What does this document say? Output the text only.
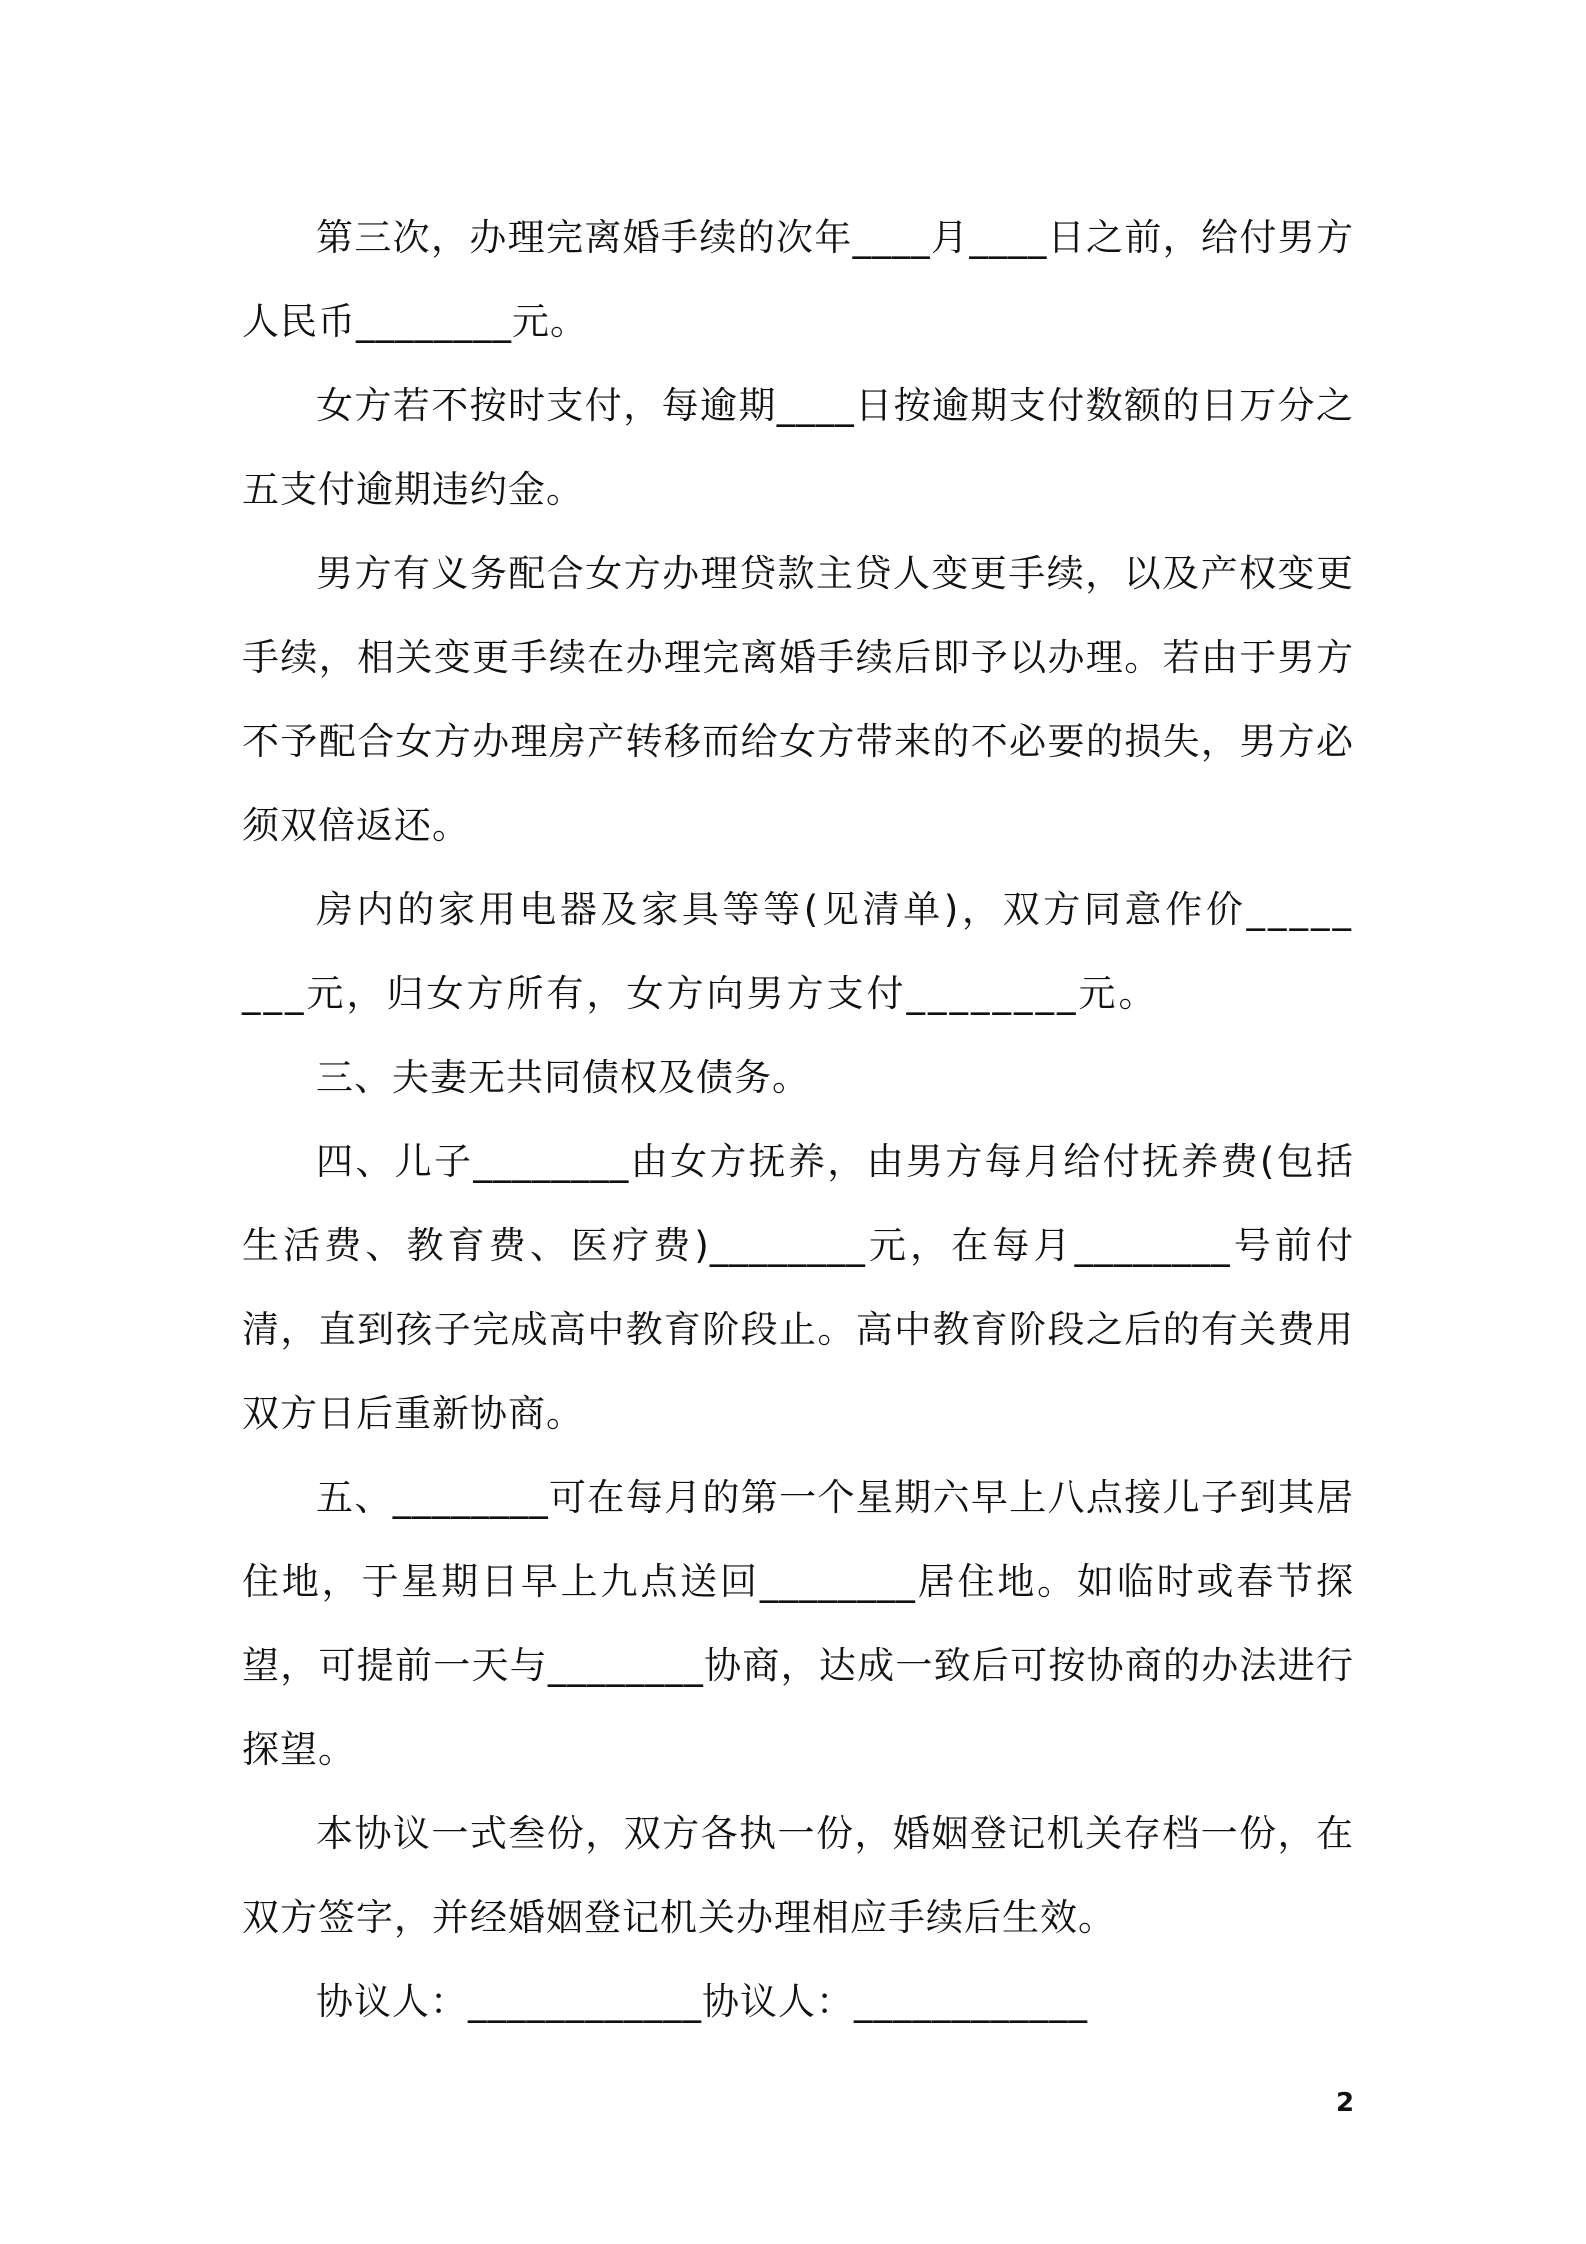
第三次，办理完离婚手续的次年____月____日之前，给付男方人民币________元。

女方若不按时支付，每逾期____日按逾期支付数额的日万分之五支付逾期违约金。

男方有义务配合女方办理贷款主贷人变更手续，以及产权变更手续，相关变更手续在办理完离婚手续后即予以办理。若由于男方不予配合女方办理房产转移而给女方带来的不必要的损失，男方必须双倍返还。

房内的家用电器及家具等等(见清单)，双方同意作价________元，归女方所有，女方向男方支付________元。

三、夫妻无共同债权及债务。

四、儿子________由女方抚养，由男方每月给付抚养费(包括生活费、教育费、医疗费)________元，在每月________号前付清，直到孩子完成高中教育阶段止。高中教育阶段之后的有关费用双方日后重新协商。

五、________可在每月的第一个星期六早上八点接儿子到其居住地，于星期日早上九点送回________居住地。如临时或春节探望，可提前一天与________协商，达成一致后可按协商的办法进行探望。

本协议一式叁份，双方各执一份，婚姻登记机关存档一份，在双方签字，并经婚姻登记机关办理相应手续后生效。

协议人：____________协议人：____________

2
